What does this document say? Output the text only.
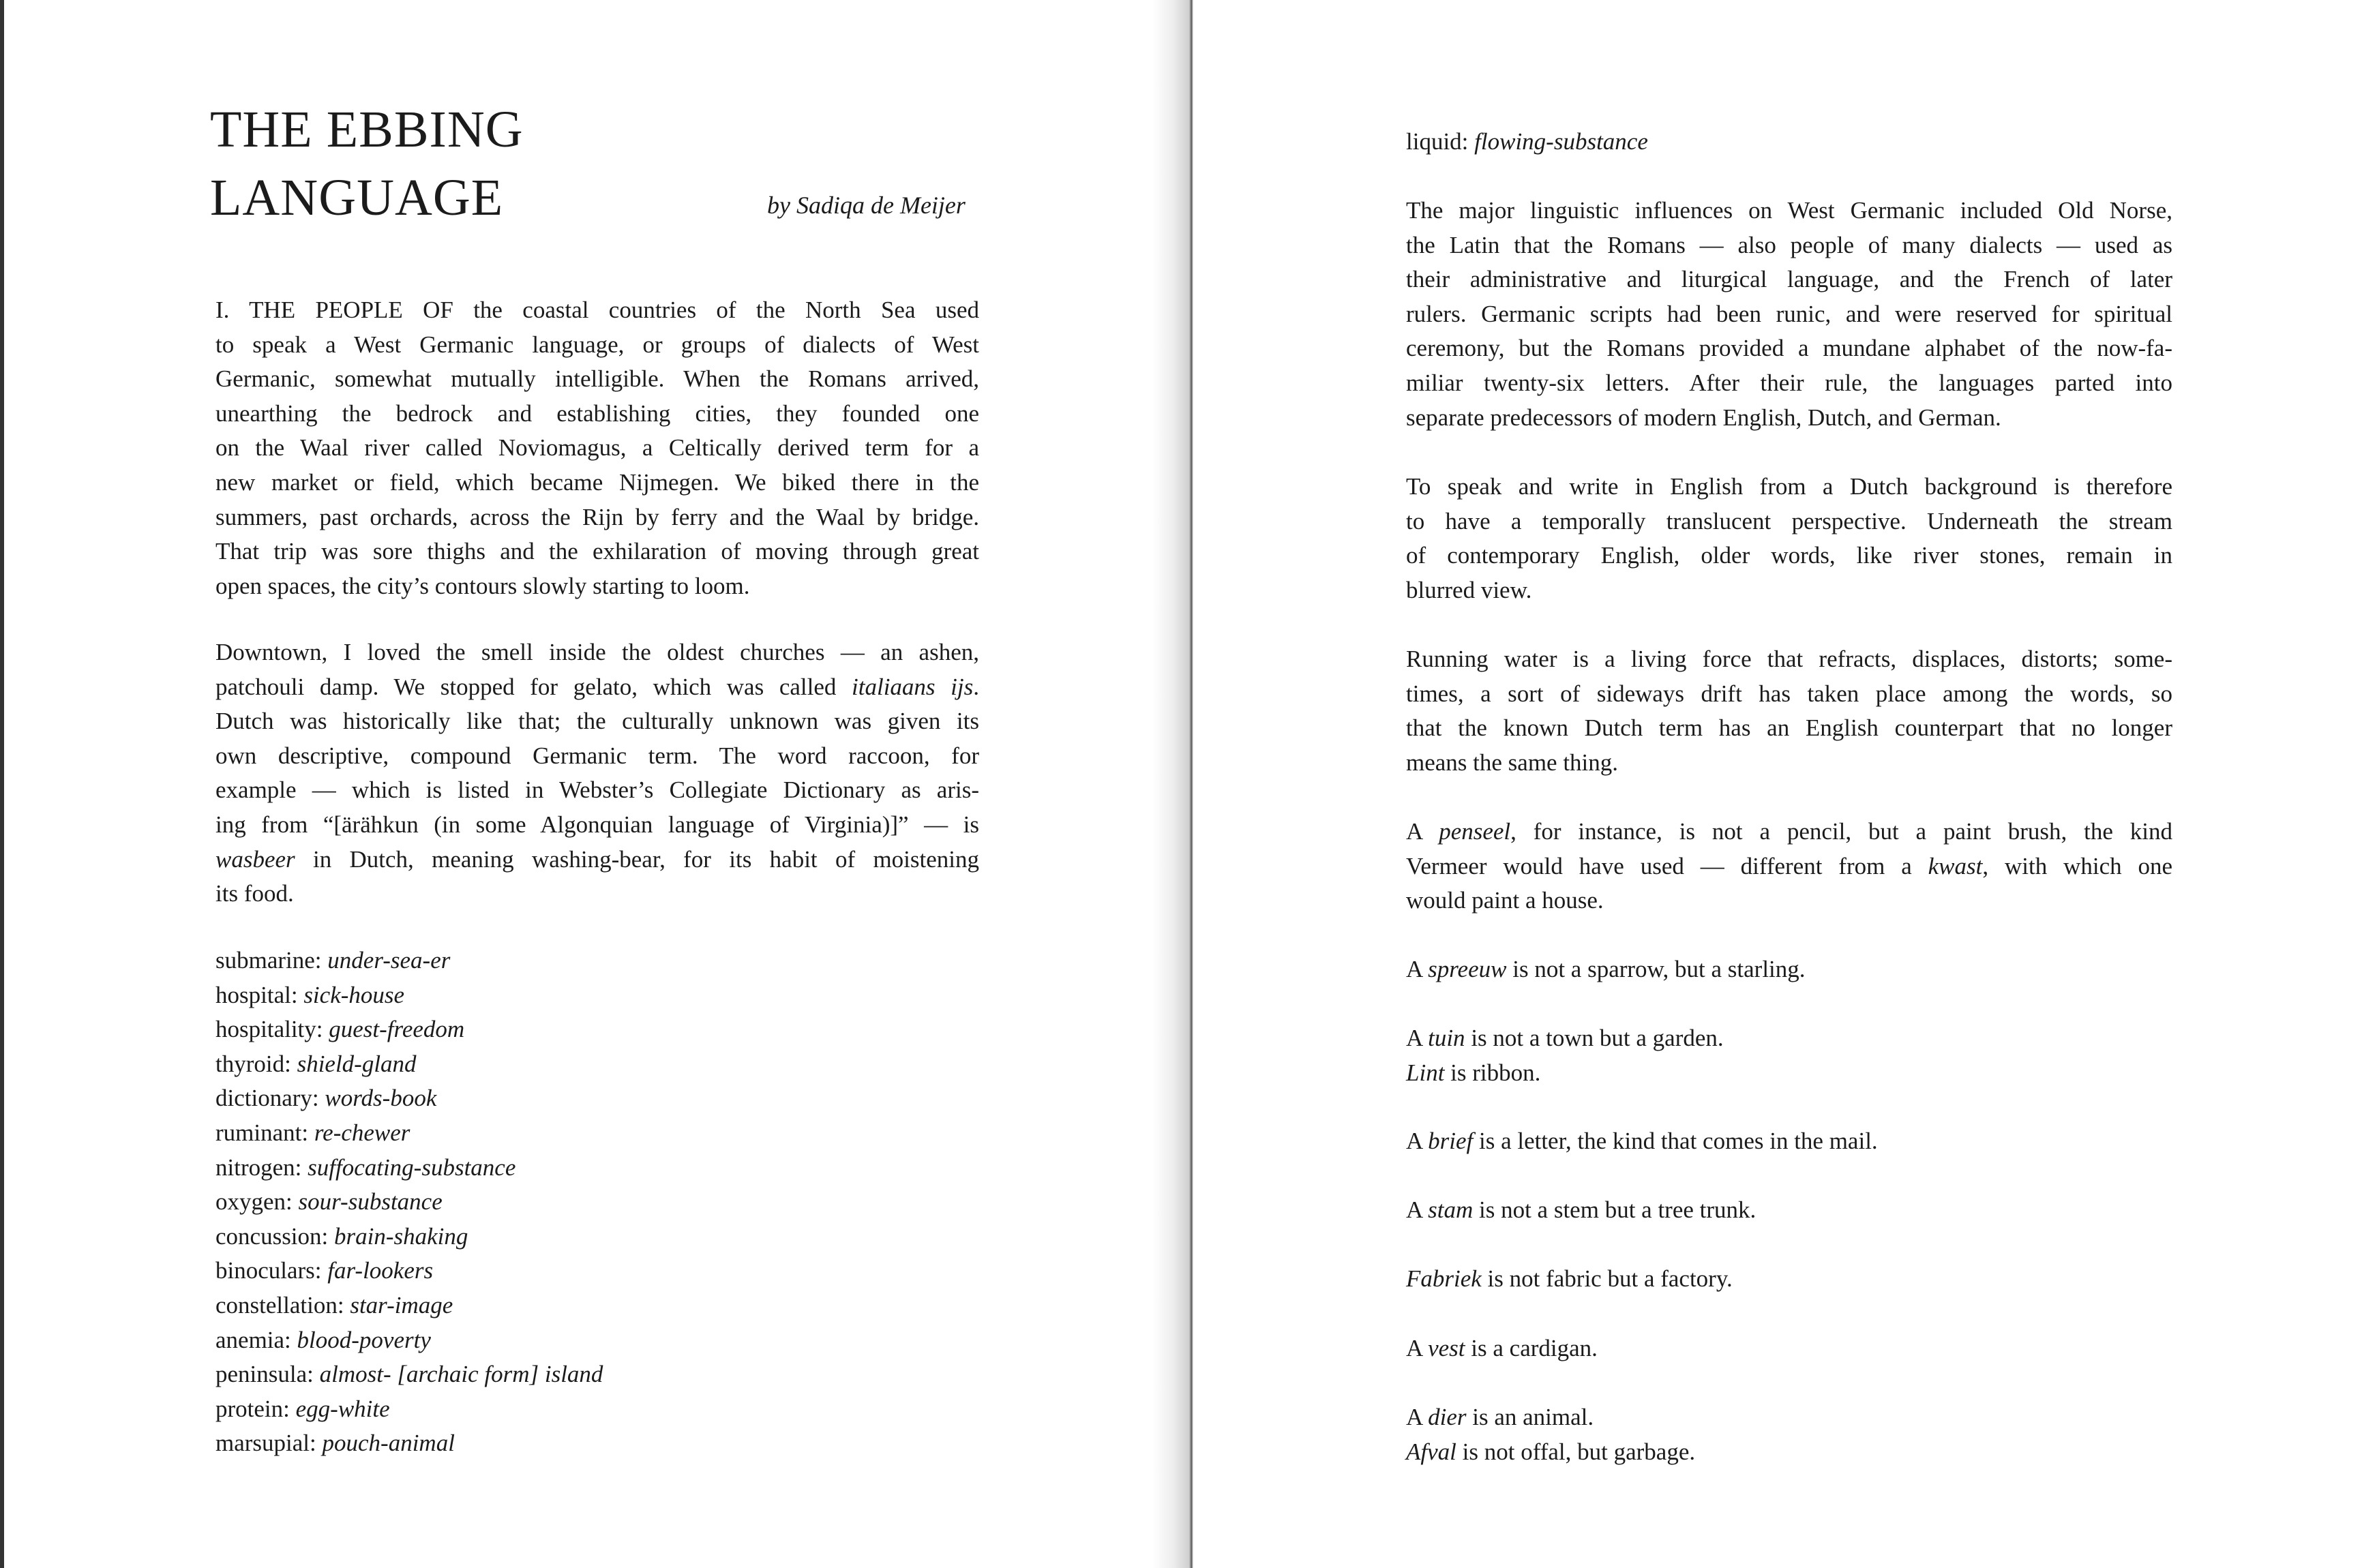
THE EBBING
LANGUAGE	by Sadiqa de Meijer
I. THE PEOPLE OF the coastal countries of the North Sea used
to speak a West Germanic language, or groups of dialects of West
Germanic, somewhat mutually intelligible. When the Romans arrived,
unearthing the bedrock and establishing cities, they founded one
on the Waal river called Noviomagus, a Celtically derived term for a
new market or field, which became Nijmegen. We biked there in the
summers, past orchards, across the Rijn by ferry and the Waal by bridge.
That trip was sore thighs and the exhilaration of moving through great
open spaces, the city’s contours slowly starting to loom.
Downtown, I loved the smell inside the oldest churches — an ashen,
patchouli damp. We stopped for gelato, which was called italiaans ijs.
Dutch was historically like that; the culturally unknown was given its
own descriptive, compound Germanic term. The word raccoon, for
example — which is listed in Webster’s Collegiate Dictionary as aris-
ing from “[ärähkun (in some Algonquian language of Virginia)]” — is
wasbeer in Dutch, meaning washing-bear, for its habit of moistening
its food.
submarine: under-sea-er
hospital: sick-house
hospitality: guest-freedom
thyroid: shield-gland
dictionary: words-book
ruminant: re-chewer
nitrogen: suffocating-substance
oxygen: sour-substance
concussion: brain-shaking
binoculars: far-lookers
constellation: star-image
anemia: blood-poverty
peninsula: almost- [archaic form] island
protein: egg-white
marsupial: pouch-animal
liquid: flowing-substance
The major linguistic influences on West Germanic included Old Norse,
the Latin that the Romans — also people of many dialects — used as
their administrative and liturgical language, and the French of later
rulers. Germanic scripts had been runic, and were reserved for spiritual
ceremony, but the Romans provided a mundane alphabet of the now-fa-
miliar twenty-six letters. After their rule, the languages parted into
separate predecessors of modern English, Dutch, and German.
To speak and write in English from a Dutch background is therefore
to have a temporally translucent perspective. Underneath the stream
of contemporary English, older words, like river stones, remain in
blurred view.
Running water is a living force that refracts, displaces, distorts; some-
times, a sort of sideways drift has taken place among the words, so
that the known Dutch term has an English counterpart that no longer
means the same thing.
A penseel, for instance, is not a pencil, but a paint brush, the kind
Vermeer would have used — different from a kwast, with which one
would paint a house.
A spreeuw is not a sparrow, but a starling.
A tuin is not a town but a garden.
Lint is ribbon.
A brief is a letter, the kind that comes in the mail.
A stam is not a stem but a tree trunk.
Fabriek is not fabric but a factory.
A vest is a cardigan.
A dier is an animal.
Afval is not offal, but garbage.
